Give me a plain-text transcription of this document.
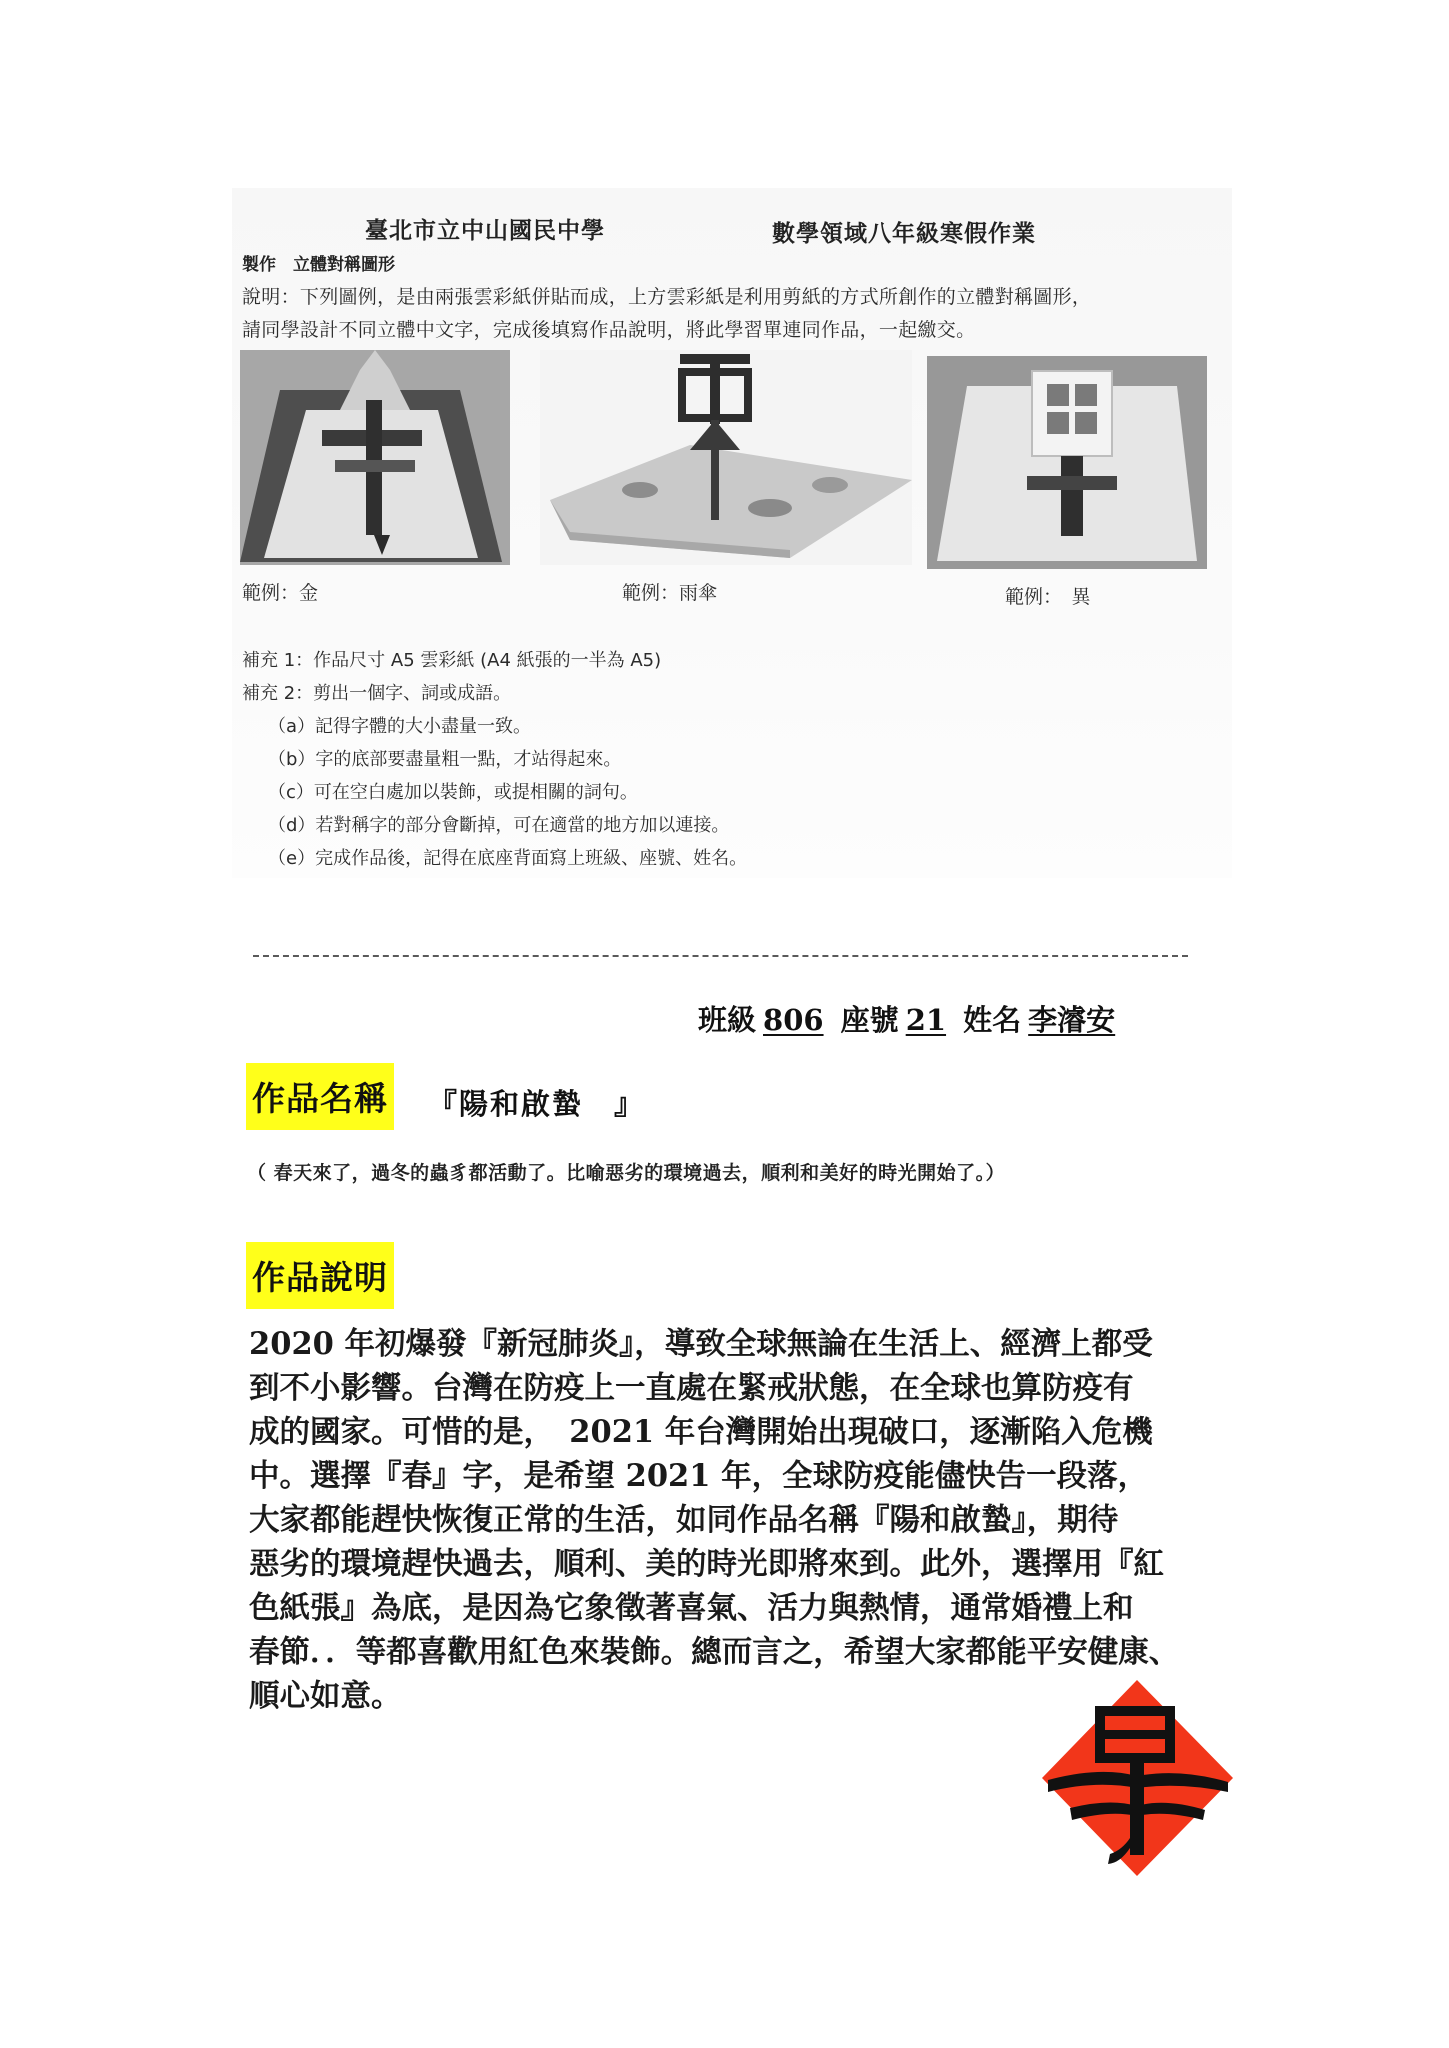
臺北市立中山國民中學	數學領域八年級寒假作業
製作　立體對稱圖形
說明：下列圖例，是由兩張雲彩紙併貼而成，上方雲彩紙是利用剪紙的方式所創作的立體對稱圖形，
請同學設計不同立體中文字，完成後填寫作品說明，將此學習單連同作品，一起繳交。
範例：金	範例：雨傘	範例：　異
補充 1：作品尺寸 A5 雲彩紙 (A4 紙張的一半為 A5)
補充 2：剪出一個字、詞或成語。
（a）記得字體的大小盡量一致。
（b）字的底部要盡量粗一點，才站得起來。
（c）可在空白處加以裝飾，或提相關的詞句。
（d）若對稱字的部分會斷掉，可在適當的地方加以連接。
（e）完成作品後，記得在底座背面寫上班級、座號、姓名。
班級 806 座號 21 姓名 李濬安
作品名稱 『陽和啟蟄　』
（ 春天來了，過冬的蟲豸都活動了。比喻惡劣的環境過去，順利和美好的時光開始了。）
作品說明
2020 年初爆發『新冠肺炎』，導致全球無論在生活上、經濟上都受
到不小影響。台灣在防疫上一直處在緊戒狀態，在全球也算防疫有
成的國家。可惜的是，　2021 年台灣開始出現破口，逐漸陷入危機
中。選擇『春』字，是希望 2021 年，全球防疫能儘快告一段落，
大家都能趕快恢復正常的生活，如同作品名稱『陽和啟蟄』，期待
惡劣的環境趕快過去，順利、美的時光即將來到。此外，選擇用『紅
色紙張』為底，是因為它象徵著喜氣、活力與熱情，通常婚禮上和
春節．．等都喜歡用紅色來裝飾。總而言之，希望大家都能平安健康、
順心如意。
